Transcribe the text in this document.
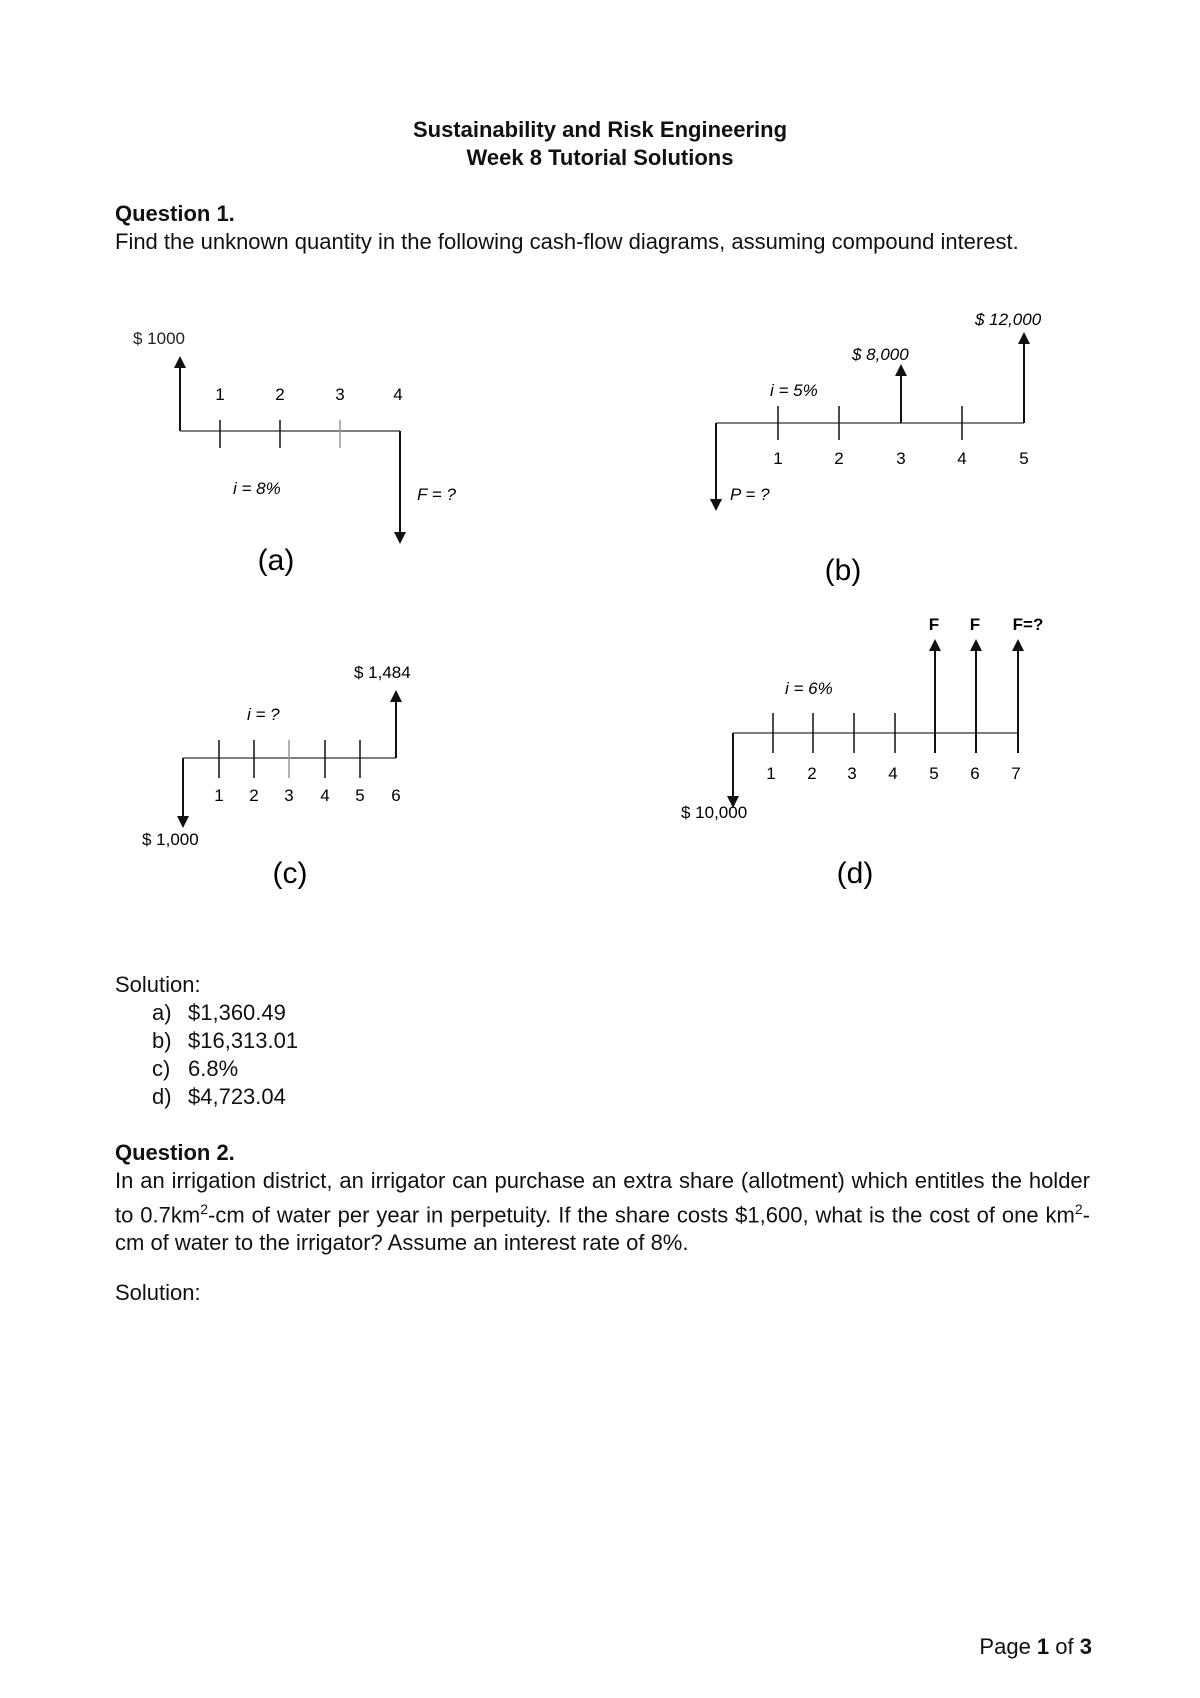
Sustainability and Risk Engineering
Week 8 Tutorial Solutions
Question 1.
Find the unknown quantity in the following cash-flow diagrams, assuming compound interest.
$ 1000
1	2	3	4
i = 8%	F = ?
(a)
$ 12,000
$ 8,000
i = 5%
1	2	3	4	5
P = ?
(b)
$ 1,484
i = ?
1 2 3 4 5 6
$ 1,000
(c)
F F F=?
i = 6%
1 2 3 4 5 6 7
$ 10,000
(d)
Solution:
a) $1,360.49
b) $16,313.01
c) 6.8%
d) $4,723.04
Question 2.
In an irrigation district, an irrigator can purchase an extra share (allotment) which entitles the holder to $0.7km^2-cm$ of water per year in perpetuity. If the share costs $1,600, what is the cost of one $km^2-cm$ of water to the irrigator? Assume an interest rate of 8%.
Solution:
Page 1 of 3
